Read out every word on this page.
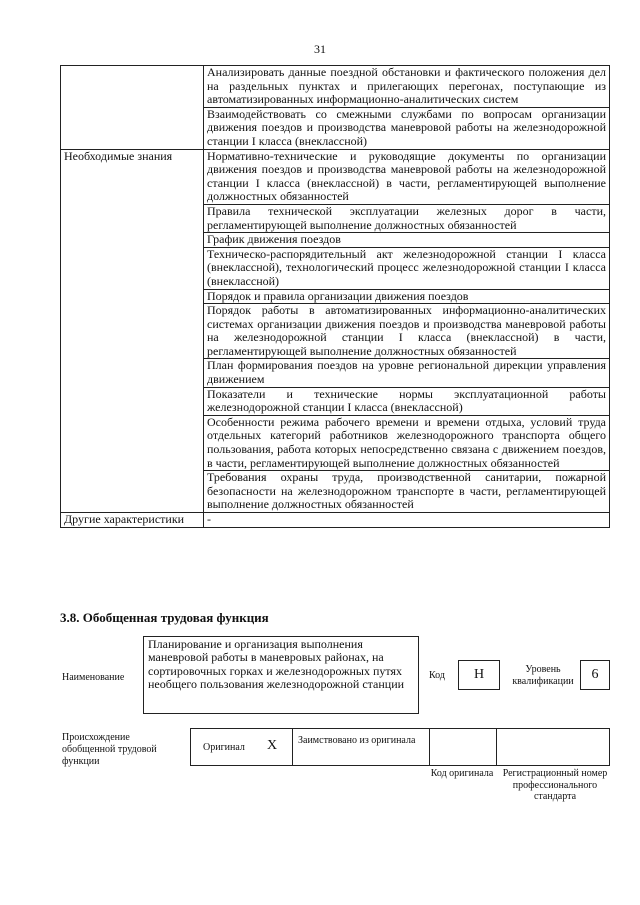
31
	Анализировать данные поездной обстановки и фактического положения дел на раздельных пунктах и прилегающих перегонах, поступающие из автоматизированных информационно-аналитических систем
	Взаимодействовать со смежными службами по вопросам организации движения поездов и производства маневровой работы на железнодорожной станции I класса (внеклассной)
Необходимые знания	Нормативно-технические и руководящие документы по организации движения поездов и производства маневровой работы на железнодорожной станции I класса (внеклассной) в части, регламентирующей выполнение должностных обязанностей
	Правила технической эксплуатации железных дорог в части, регламентирующей выполнение должностных обязанностей
	График движения поездов
	Техническо-распорядительный акт железнодорожной станции I класса (внеклассной), технологический процесс железнодорожной станции I класса (внеклассной)
	Порядок и правила организации движения поездов
	Порядок работы в автоматизированных информационно-аналитических системах организации движения поездов и производства маневровой работы на железнодорожной станции I класса (внеклассной) в части, регламентирующей выполнение должностных обязанностей
	План формирования поездов на уровне региональной дирекции управления движением
	Показатели и технические нормы эксплуатационной работы железнодорожной станции I класса (внеклассной)
	Особенности режима рабочего времени и времени отдыха, условий труда отдельных категорий работников железнодорожного транспорта общего пользования, работа которых непосредственно связана с движением поездов, в части, регламентирующей выполнение должностных обязанностей
	Требования охраны труда, производственной санитарии, пожарной безопасности на железнодорожном транспорте в части, регламентирующей выполнение должностных обязанностей
Другие характеристики	-
3.8. Обобщенная трудовая функция
Наименование
Планирование и организация выполнения маневровой работы в маневровых районах, на сортировочных горках и железнодорожных путях необщего пользования железнодорожной станции
Код	H	Уровень квалификации	6
Происхождение обобщенной трудовой функции
Оригинал X Заимствовано из оригинала
Код оригинала Регистрационный номер профессионального стандарта
